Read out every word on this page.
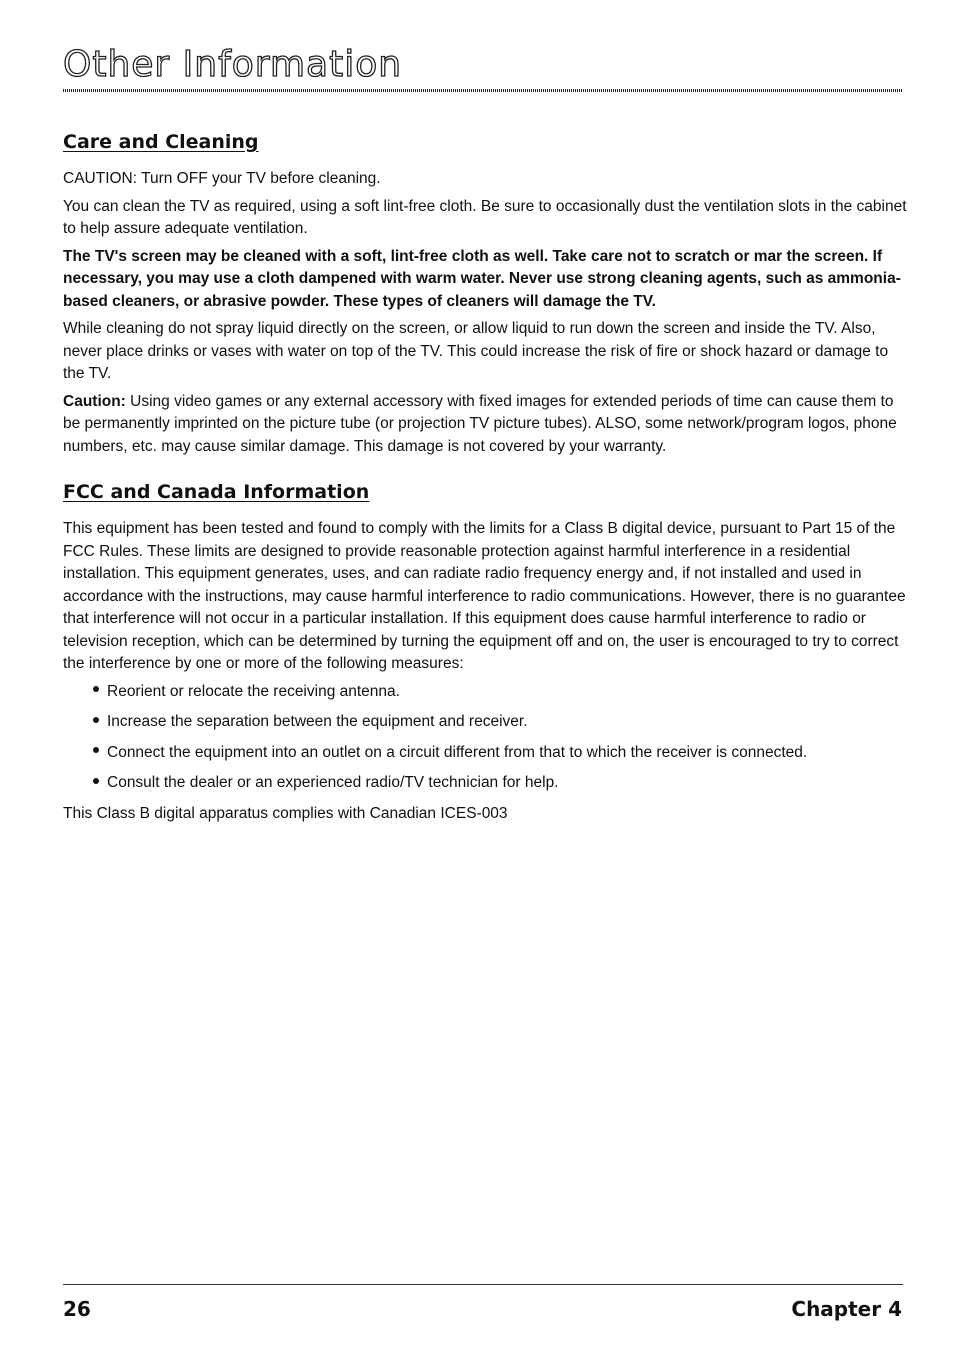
Other Information
Care and Cleaning

CAUTION: Turn OFF your TV before cleaning.

You can clean the TV as required, using a soft lint-free cloth. Be sure to occasionally dust the ventilation slots in the cabinet to help assure adequate ventilation.

The TV's screen may be cleaned with a soft, lint-free cloth as well. Take care not to scratch or mar the screen. If necessary, you may use a cloth dampened with warm water. Never use strong cleaning agents, such as ammonia-based cleaners, or abrasive powder. These types of cleaners will damage the TV.

While cleaning do not spray liquid directly on the screen, or allow liquid to run down the screen and inside the TV. Also, never place drinks or vases with water on top of the TV. This could increase the risk of fire or shock hazard or damage to the TV.

Caution: Using video games or any external accessory with fixed images for extended periods of time can cause them to be permanently imprinted on the picture tube (or projection TV picture tubes). ALSO, some network/program logos, phone numbers, etc. may cause similar damage. This damage is not covered by your warranty.

FCC and Canada Information

This equipment has been tested and found to comply with the limits for a Class B digital device, pursuant to Part 15 of the FCC Rules. These limits are designed to provide reasonable protection against harmful interference in a residential installation. This equipment generates, uses, and can radiate radio frequency energy and, if not installed and used in accordance with the instructions, may cause harmful interference to radio communications. However, there is no guarantee that interference will not occur in a particular installation. If this equipment does cause harmful interference to radio or television reception, which can be determined by turning the equipment off and on, the user is encouraged to try to correct the interference by one or more of the following measures:

Reorient or relocate the receiving antenna.
Increase the separation between the equipment and receiver.
Connect the equipment into an outlet on a circuit different from that to which the receiver is connected.
Consult the dealer or an experienced radio/TV technician for help.

This Class B digital apparatus complies with Canadian ICES-003

26	Chapter 4
